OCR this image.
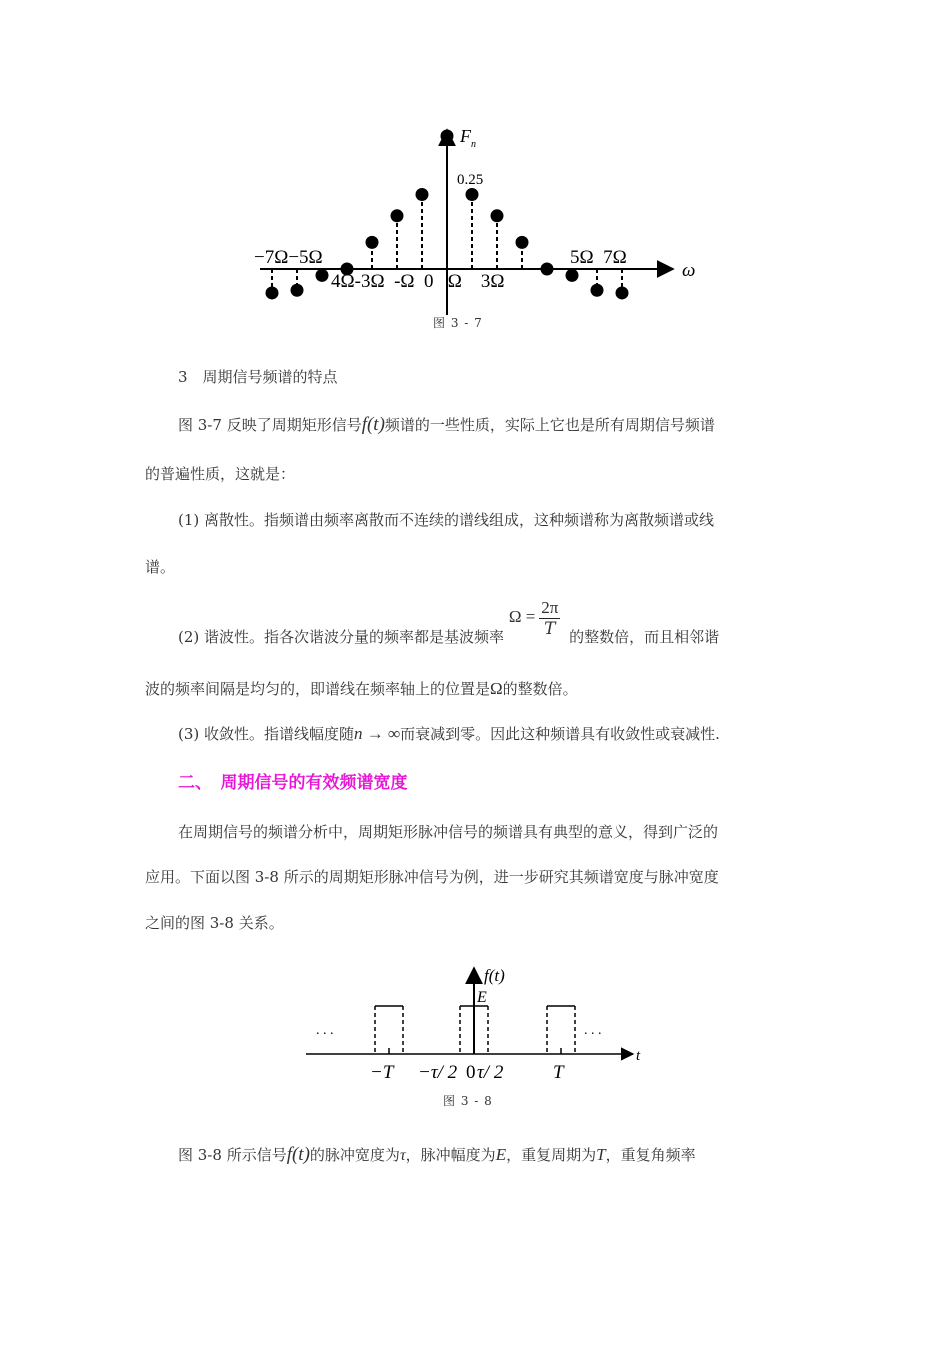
F n
0.25
ω
−7Ω−5Ω	5Ω  7Ω
4Ω-3Ω  -Ω  0   Ω    3Ω
图 3 - 7
3　周期信号频谱的特点
图 3-7 反映了周期矩形信号f(t)频谱的一些性质，实际上它也是所有周期信号频谱
的普遍性质，这就是：
(1) 离散性。指频谱由频率离散而不连续的谱线组成，这种频谱称为离散频谱或线
谱。
(2) 谐波性。指各次谐波分量的频率都是基波频率 $\Omega = \frac{2\pi}{T}$ 的整数倍，而且相邻谐
波的频率间隔是均匀的，即谱线在频率轴上的位置是Ω的整数倍。
(3) 收敛性。指谱线幅度随n → ∞而衰减到零。因此这种频谱具有收敛性或衰减性.
二、　周期信号的有效频谱宽度
在周期信号的频谱分析中，周期矩形脉冲信号的频谱具有典型的意义，得到广泛的
应用。下面以图 3-8 所示的周期矩形脉冲信号为例，进一步研究其频谱宽度与脉冲宽度
之间的图 3-8 关系。
f(t)
E
t
. . .	. . .
−T −τ/ 2 0 τ/ 2	T
图 3 - 8
图 3-8 所示信号f(t)的脉冲宽度为τ，脉冲幅度为E，重复周期为T，重复角频率
